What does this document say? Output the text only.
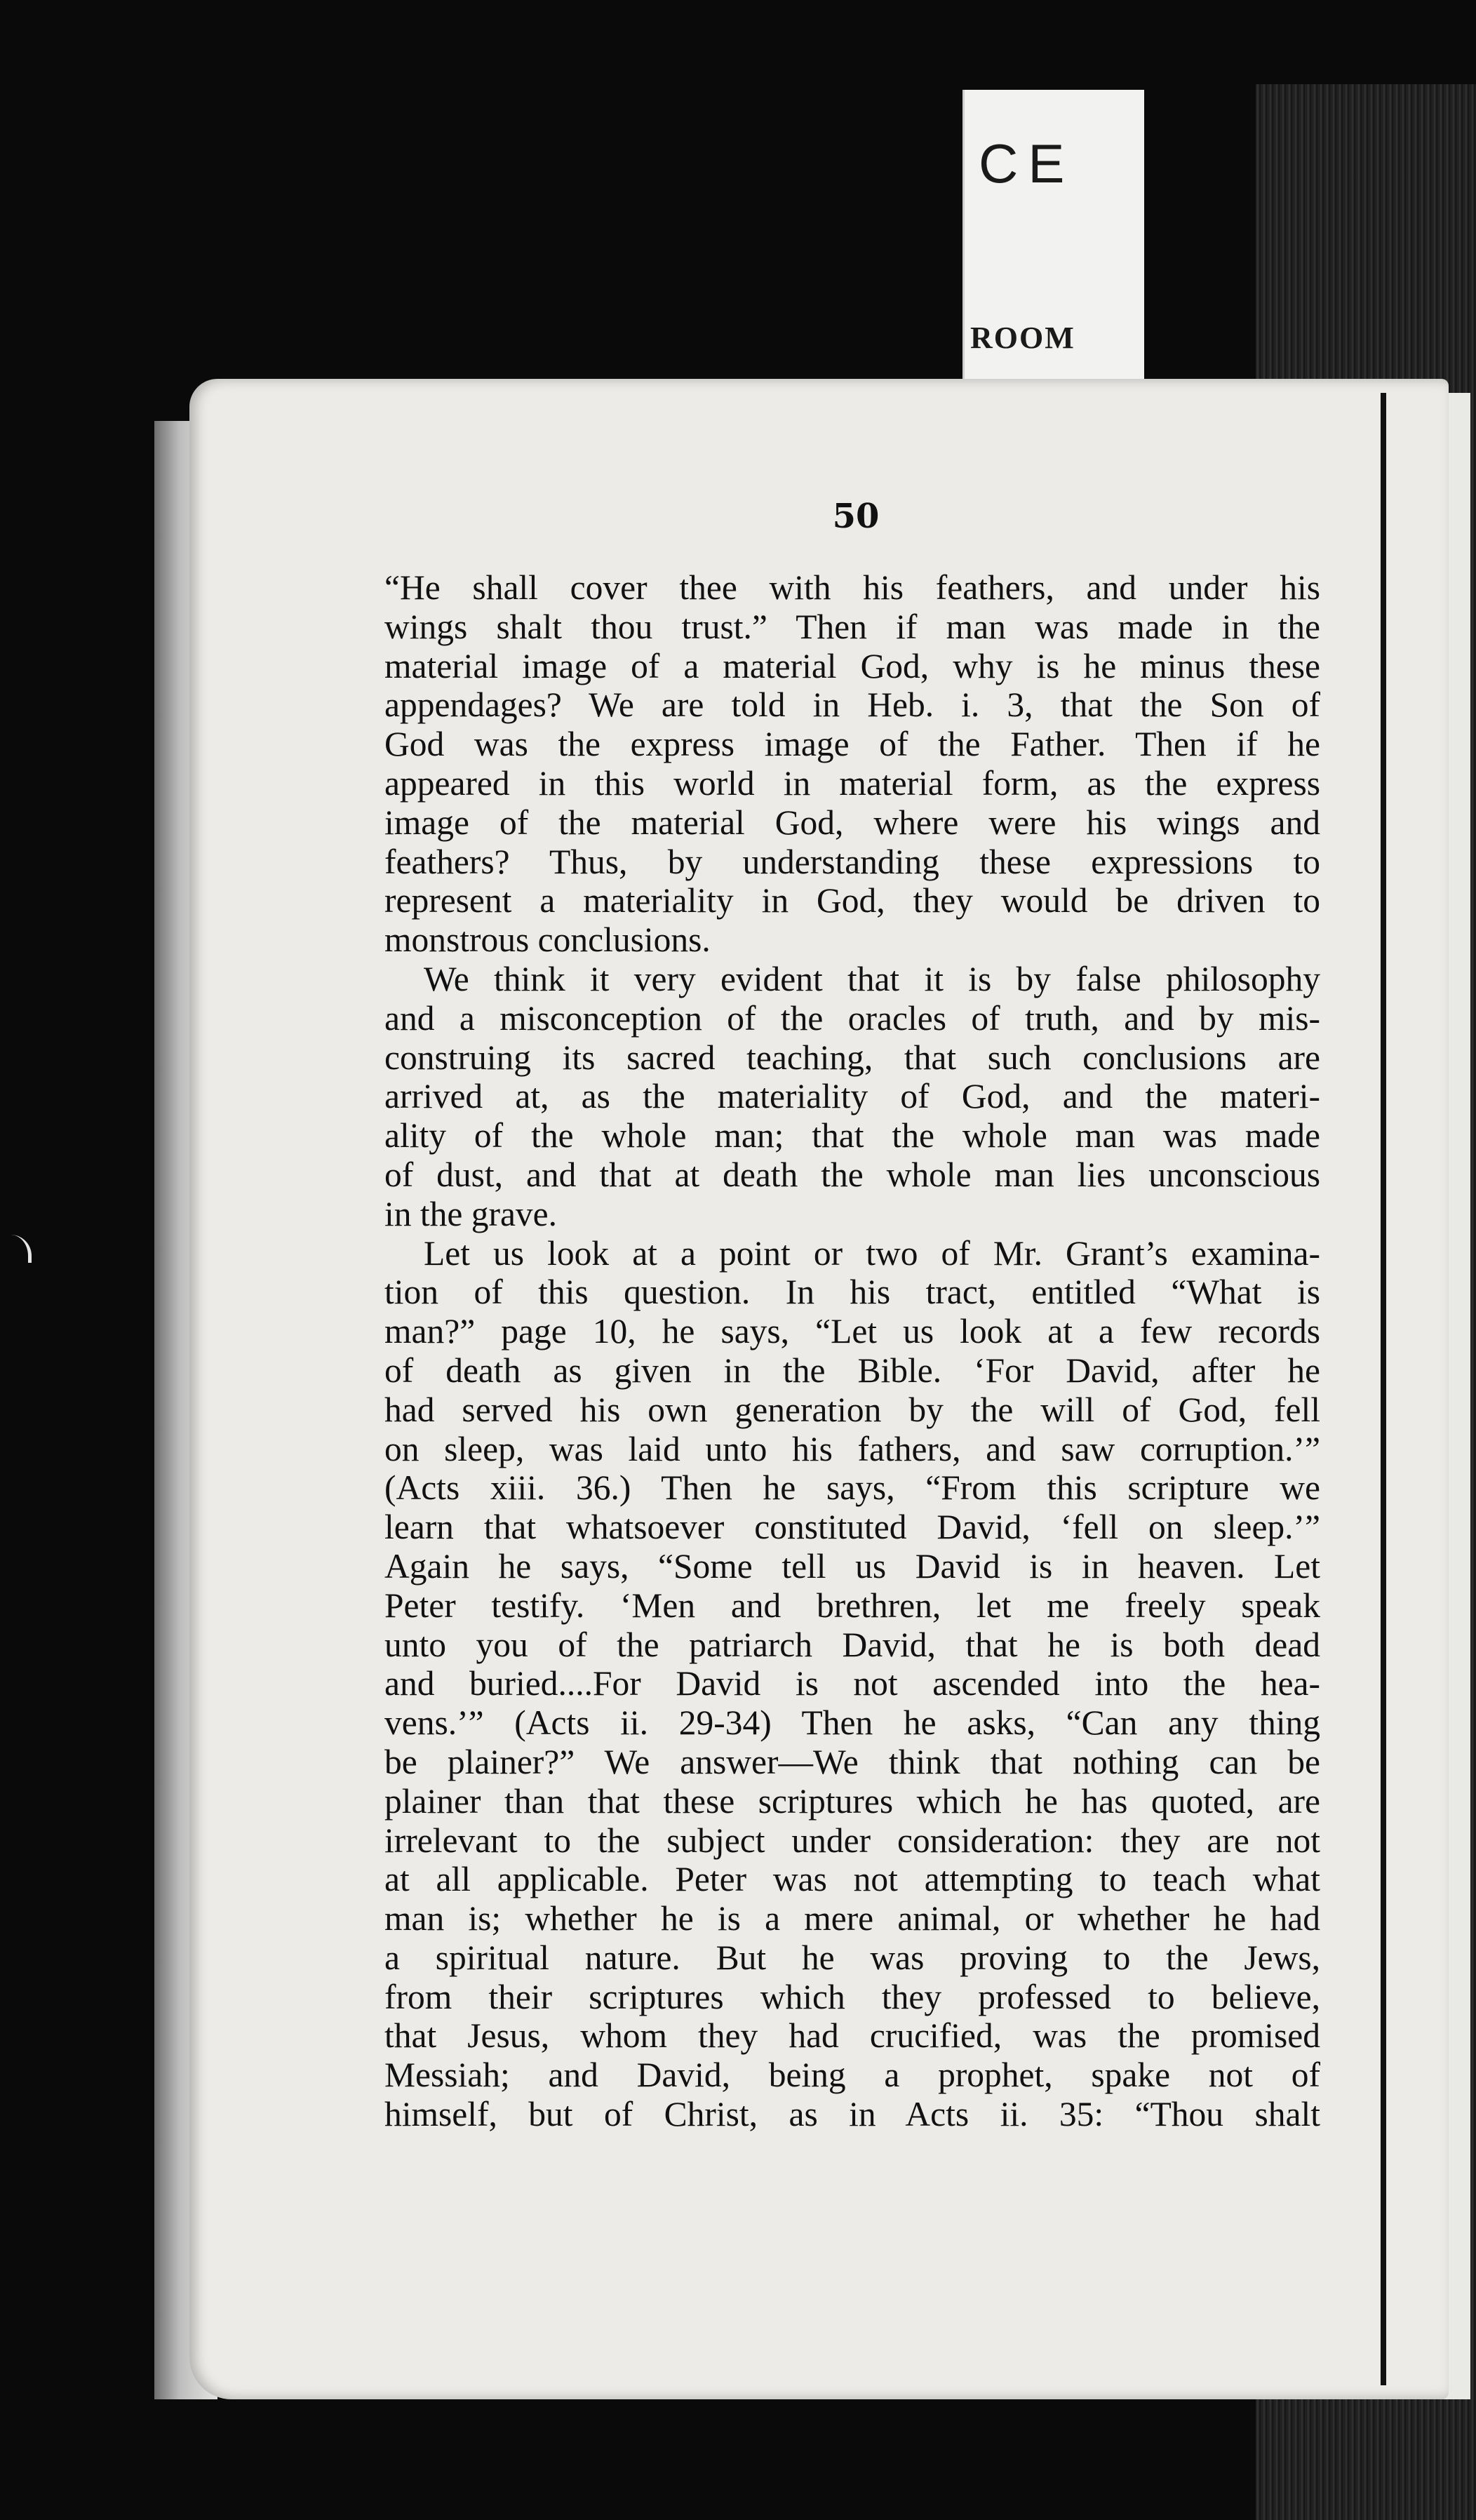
CE
ROOM
50
“He shall cover thee with his feathers, and under his
wings shalt thou trust.” Then if man was made in the
material image of a material God, why is he minus these
appendages? We are told in Heb. i. 3, that the Son of
God was the express image of the Father. Then if he
appeared in this world in material form, as the express
image of the material God, where were his wings and
feathers? Thus, by understanding these expressions to
represent a materiality in God, they would be driven to
monstrous conclusions.
We think it very evident that it is by false philosophy
and a misconception of the oracles of truth, and by mis-
construing its sacred teaching, that such conclusions are
arrived at, as the materiality of God, and the materi-
ality of the whole man; that the whole man was made
of dust, and that at death the whole man lies unconscious
in the grave.
Let us look at a point or two of Mr. Grant’s examina-
tion of this question. In his tract, entitled “What is
man?” page 10, he says, “Let us look at a few records
of death as given in the Bible. ‘For David, after he
had served his own generation by the will of God, fell
on sleep, was laid unto his fathers, and saw corruption.’”
(Acts xiii. 36.) Then he says, “From this scripture we
learn that whatsoever constituted David, ‘fell on sleep.’”
Again he says, “Some tell us David is in heaven. Let
Peter testify. ‘Men and brethren, let me freely speak
unto you of the patriarch David, that he is both dead
and buried....For David is not ascended into the hea-
vens.’” (Acts ii. 29-34) Then he asks, “Can any thing
be plainer?” We answer—We think that nothing can be
plainer than that these scriptures which he has quoted, are
irrelevant to the subject under consideration: they are not
at all applicable. Peter was not attempting to teach what
man is; whether he is a mere animal, or whether he had
a spiritual nature. But he was proving to the Jews,
from their scriptures which they professed to believe,
that Jesus, whom they had crucified, was the promised
Messiah; and David, being a prophet, spake not of
himself, but of Christ, as in Acts ii. 35: “Thou shalt
